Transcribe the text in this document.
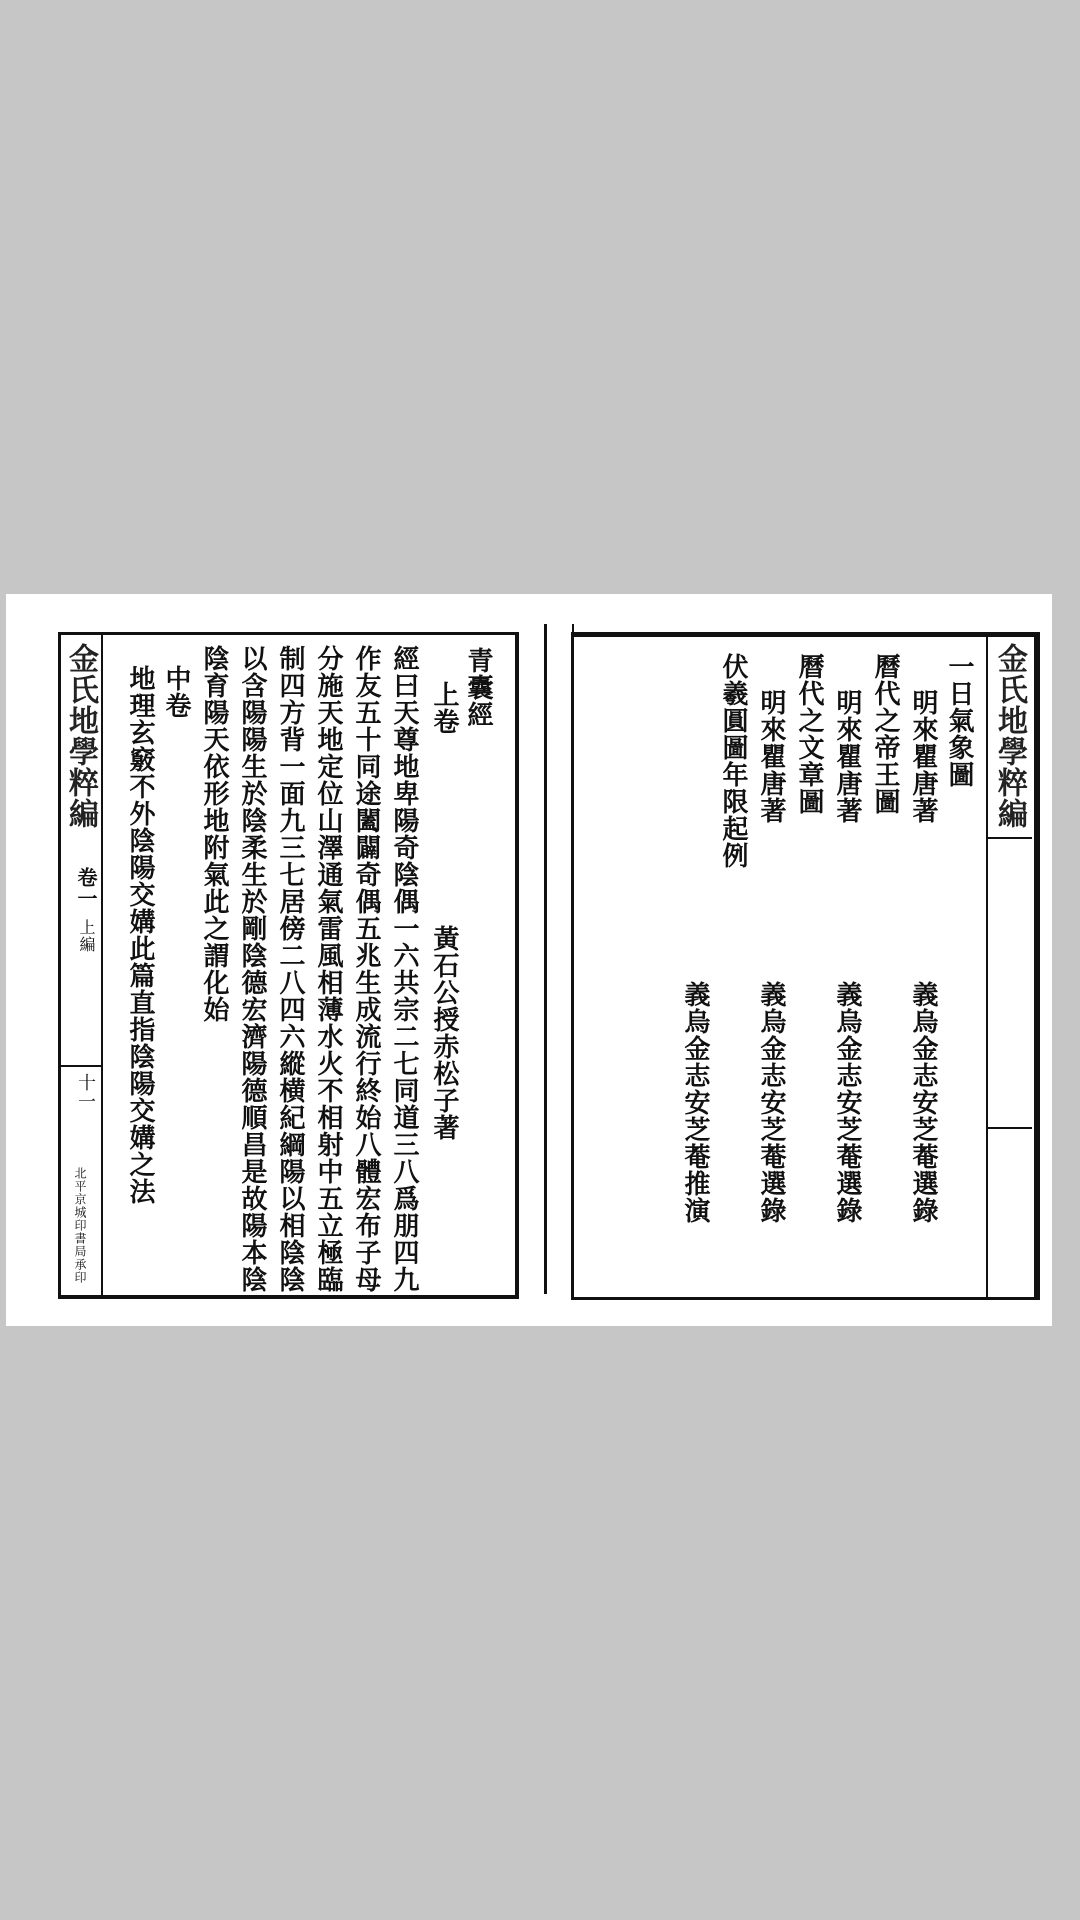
金氏地學粹編
卷一
上編
十一
北平京城印書局承印
青囊經
上卷
黃石公授赤松子著
經曰天尊地卑陽奇陰偶一六共宗二七同道三八爲朋四九
作友五十同途闔闢奇偶五兆生成流行終始八體宏布子母
分施天地定位山澤通氣雷風相薄水火不相射中五立極臨
制四方背一面九三七居傍二八四六縱横紀綱陽以相陰陰
以含陽陽生於陰柔生於剛陰德宏濟陽德順昌是故陽本陰
陰育陽天依形地附氣此之謂化始
中卷
地理玄竅不外陰陽交媾此篇直指陰陽交媾之法	金氏地學粹編
一日氣象圖
明來瞿唐著
義烏金志安芝菴選錄
曆代之帝王圖
明來瞿唐著
義烏金志安芝菴選錄
曆代之文章圖
明來瞿唐著
義烏金志安芝菴選錄
伏羲圓圖年限起例
義烏金志安芝菴推演
